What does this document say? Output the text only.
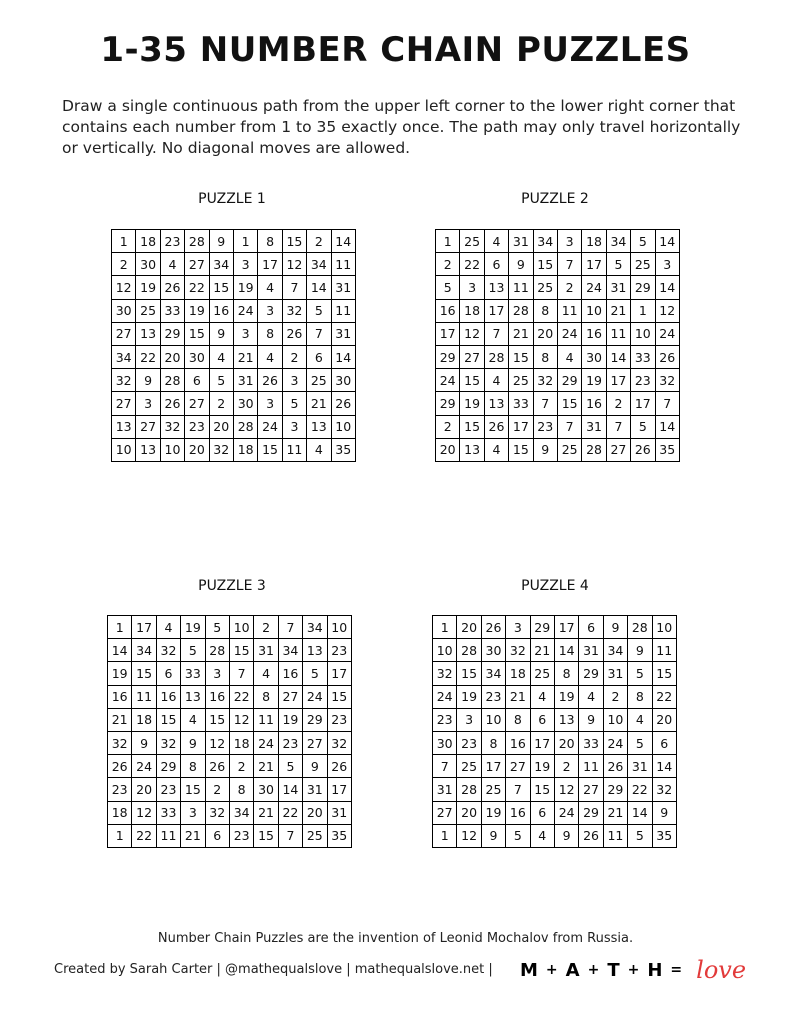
1-35 NUMBER CHAIN PUZZLES
Draw a single continuous path from the upper left corner to the lower right corner that contains each number from 1 to 35 exactly once. The path may only travel horizontally or vertically. No diagonal moves are allowed.
PUZZLE 1
1	18	23	28	9	1	8	15	2	14
2	30	4	27	34	3	17	12	34	11
12	19	26	22	15	19	4	7	14	31
30	25	33	19	16	24	3	32	5	11
27	13	29	15	9	3	8	26	7	31
34	22	20	30	4	21	4	2	6	14
32	9	28	6	5	31	26	3	25	30
27	3	26	27	2	30	3	5	21	26
13	27	32	23	20	28	24	3	13	10
10	13	10	20	32	18	15	11	4	35
PUZZLE 2
1	25	4	31	34	3	18	34	5	14
2	22	6	9	15	7	17	5	25	3
5	3	13	11	25	2	24	31	29	14
16	18	17	28	8	11	10	21	1	12
17	12	7	21	20	24	16	11	10	24
29	27	28	15	8	4	30	14	33	26
24	15	4	25	32	29	19	17	23	32
29	19	13	33	7	15	16	2	17	7
2	15	26	17	23	7	31	7	5	14
20	13	4	15	9	25	28	27	26	35
PUZZLE 3
1	17	4	19	5	10	2	7	34	10
14	34	32	5	28	15	31	34	13	23
19	15	6	33	3	7	4	16	5	17
16	11	16	13	16	22	8	27	24	15
21	18	15	4	15	12	11	19	29	23
32	9	32	9	12	18	24	23	27	32
26	24	29	8	26	2	21	5	9	26
23	20	23	15	2	8	30	14	31	17
18	12	33	3	32	34	21	22	20	31
1	22	11	21	6	23	15	7	25	35
PUZZLE 4
1	20	26	3	29	17	6	9	28	10
10	28	30	32	21	14	31	34	9	11
32	15	34	18	25	8	29	31	5	15
24	19	23	21	4	19	4	2	8	22
23	3	10	8	6	13	9	10	4	20
30	23	8	16	17	20	33	24	5	6
7	25	17	27	19	2	11	26	31	14
31	28	25	7	15	12	27	29	22	32
27	20	19	16	6	24	29	21	14	9
1	12	9	5	4	9	26	11	5	35
Number Chain Puzzles are the invention of Leonid Mochalov from Russia.
Created by Sarah Carter | @mathequalslove | mathequalslove.net | M + A + T + H = love
